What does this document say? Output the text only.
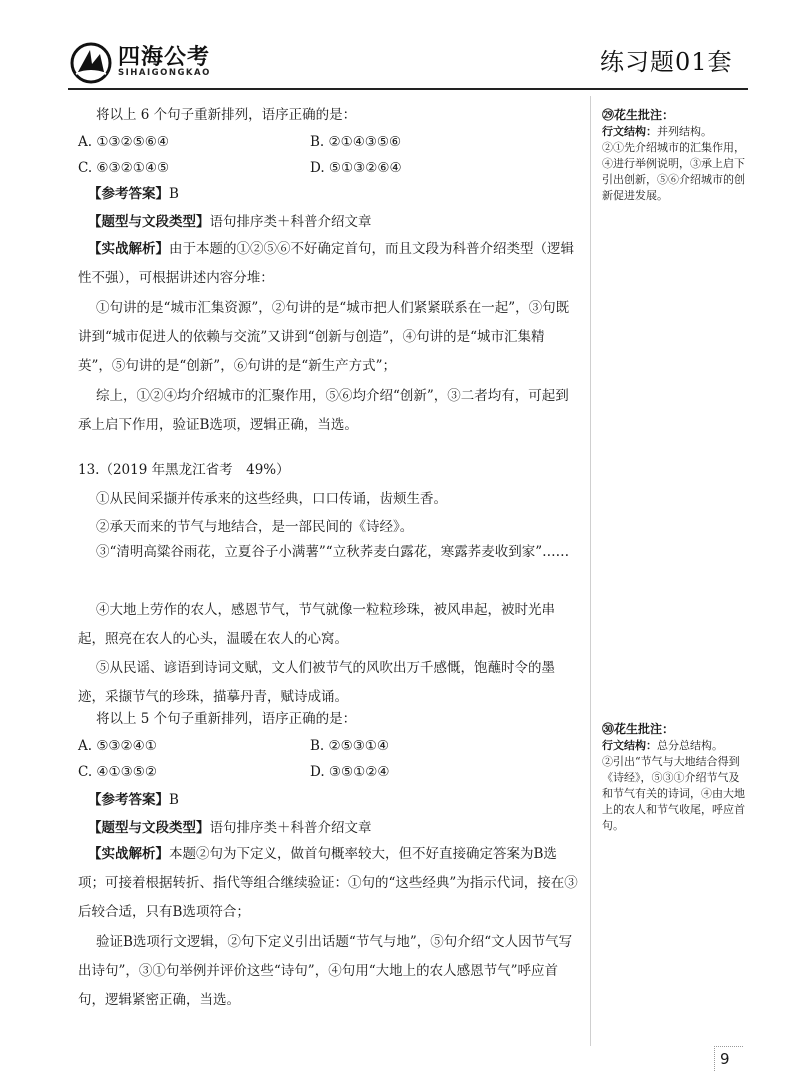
四海公考
SIHAIGONGKAO	练习题01套
将以上 6 个句子重新排列，语序正确的是：
A. ①③②⑤⑥④	B. ②①④③⑤⑥
C. ⑥③②①④⑤	D. ⑤①③②⑥④
【参考答案】B
【题型与文段类型】语句排序类＋科普介绍文章
【实战解析】由于本题的①②⑤⑥不好确定首句，而且文段为科普介绍类型（逻辑性不强），可根据讲述内容分堆：
①句讲的是“城市汇集资源”，②句讲的是“城市把人们紧紧联系在一起”，③句既讲到“城市促进人的依赖与交流”又讲到“创新与创造”，④句讲的是“城市汇集精英”，⑤句讲的是“创新”，⑥句讲的是“新生产方式”；
综上，①②④均介绍城市的汇聚作用，⑤⑥均介绍“创新”，③二者均有，可起到承上启下作用，验证B选项，逻辑正确，当选。
13.（2019 年黑龙江省考　49%）
①从民间采撷并传承来的这些经典，口口传诵，齿颊生香。
②承天而来的节气与地结合，是一部民间的《诗经》。
③“清明高粱谷雨花，立夏谷子小满薯”“立秋荞麦白露花，寒露荞麦收到家”……
④大地上劳作的农人，感恩节气，节气就像一粒粒珍珠，被风串起，被时光串起，照亮在农人的心头，温暖在农人的心窝。
⑤从民谣、谚语到诗词文赋，文人们被节气的风吹出万千感慨，饱蘸时令的墨迹，采撷节气的珍珠，描摹丹青，赋诗成诵。
将以上 5 个句子重新排列，语序正确的是：
A. ⑤③②④①	B. ②⑤③①④
C. ④①③⑤②	D. ③⑤①②④
【参考答案】B
【题型与文段类型】语句排序类＋科普介绍文章
【实战解析】本题②句为下定义，做首句概率较大，但不好直接确定答案为B选项；可接着根据转折、指代等组合继续验证：①句的“这些经典”为指示代词，接在③后较合适，只有B选项符合；
验证B选项行文逻辑，②句下定义引出话题“节气与地”，⑤句介绍“文人因节气写出诗句”，③①句举例并评价这些“诗句”，④句用“大地上的农人感恩节气”呼应首句，逻辑紧密正确，当选。
㉙花生批注：
行文结构：并列结构。
②①先介绍城市的汇集作用，④进行举例说明，③承上启下引出创新，⑤⑥介绍城市的创新促进发展。
㉚花生批注：
行文结构：总分总结构。
②引出“节气与大地结合得到《诗经》，⑤③①介绍节气及和节气有关的诗词，④由大地上的农人和节气收尾，呼应首句。
9
